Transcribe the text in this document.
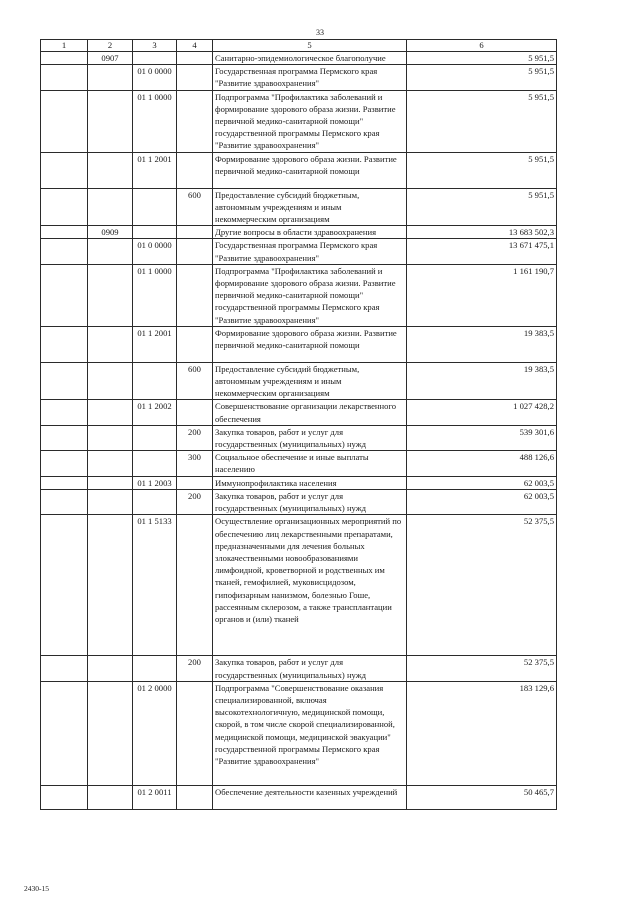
33
1	2	3	4	5	6
	0907			Санитарно-эпидемиологическое благополучие	5 951,5
		01 0 0000		Государственная программа Пермского края "Развитие здравоохранения"	5 951,5
		01 1 0000		Подпрограмма "Профилактика заболеваний и формирование здорового образа жизни. Развитие первичной медико-санитарной помощи" государственной программы Пермского края "Развитие здравоохранения"	5 951,5
		01 1 2001		Формирование здорового образа жизни. Развитие первичной медико-санитарной помощи	5 951,5
			600	Предоставление субсидий бюджетным, автономным учреждениям и иным некоммерческим организациям	5 951,5
	0909			Другие вопросы в области здравоохранения	13 683 502,3
		01 0 0000		Государственная программа Пермского края "Развитие здравоохранения"	13 671 475,1
		01 1 0000		Подпрограмма "Профилактика заболеваний и формирование здорового образа жизни. Развитие первичной медико-санитарной помощи" государственной программы Пермского края "Развитие здравоохранения"	1 161 190,7
		01 1 2001		Формирование здорового образа жизни. Развитие первичной медико-санитарной помощи	19 383,5
			600	Предоставление субсидий бюджетным, автономным учреждениям и иным некоммерческим организациям	19 383,5
		01 1 2002		Совершенствование организации лекарственного обеспечения	1 027 428,2
			200	Закупка товаров, работ и услуг для государственных (муниципальных) нужд	539 301,6
			300	Социальное обеспечение и иные выплаты населению	488 126,6
		01 1 2003		Иммунопрофилактика населения	62 003,5
			200	Закупка товаров, работ и услуг для государственных (муниципальных) нужд	62 003,5
		01 1 5133		Осуществление организационных мероприятий по обеспечению лиц лекарственными препаратами, предназначенными для лечения больных злокачественными новообразованиями лимфоидной, кроветворной и родственных им тканей, гемофилией, муковисцидозом, гипофизарным нанизмом, болезнью Гоше, рассеянным склерозом, а также трансплантации органов и (или) тканей	52 375,5
			200	Закупка товаров, работ и услуг для государственных (муниципальных) нужд	52 375,5
		01 2 0000		Подпрограмма "Совершенствование оказания специализированной, включая высокотехнологичную, медицинской помощи, скорой, в том числе скорой специализированной, медицинской помощи, медицинской эвакуации" государственной программы Пермского края "Развитие здравоохранения"	183 129,6
		01 2 0011		Обеспечение деятельности казенных учреждений	50 465,7
2430-15
